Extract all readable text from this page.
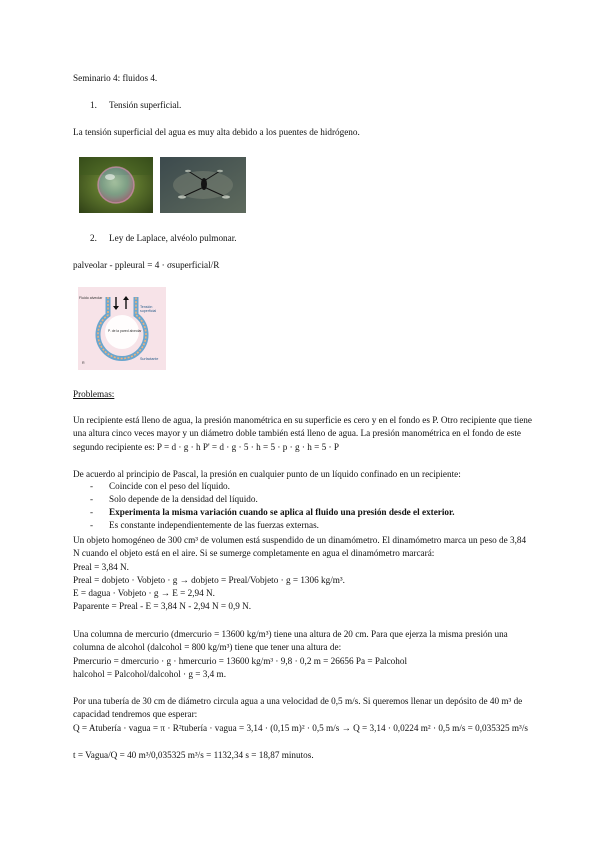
Seminario 4: fluidos 4.
1. Tensión superficial.
La tensión superficial del agua es muy alta debido a los puentes de hidrógeno.
2. Ley de Laplace, alvéolo pulmonar.
palveolar - ppleural = 4 · σsuperficial/R
Fluido alveolar
Tensión superficial
P. de la pared alveolar
Surfactante
R
Problemas:
Un recipiente está lleno de agua, la presión manométrica en su superficie es cero y en el fondo es P. Otro recipiente que tiene una altura cinco veces mayor y un diámetro doble también está lleno de agua. La presión manométrica en el fondo de este segundo recipiente es: P = d · g · h P' = d · g · 5 · h = 5 · p · g · h = 5 · P
De acuerdo al principio de Pascal, la presión en cualquier punto de un líquido confinado en un recipiente:
- Coincide con el peso del líquido.
- Solo depende de la densidad del líquido.
- Experimenta la misma variación cuando se aplica al fluido una presión desde el exterior.
- Es constante independientemente de las fuerzas externas.
Un objeto homogéneo de 300 cm³ de volumen está suspendido de un dinamómetro. El dinamómetro marca un peso de 3,84 N cuando el objeto está en el aire. Si se sumerge completamente en agua el dinamómetro marcará:
Preal = 3,84 N.
Preal = dobjeto · Vobjeto · g → dobjeto = Preal/Vobjeto · g = 1306 kg/m³.
E = dagua · Vobjeto · g → E = 2,94 N.
Paparente = Preal - E = 3,84 N - 2,94 N = 0,9 N.
Una columna de mercurio (dmercurio = 13600 kg/m³) tiene una altura de 20 cm. Para que ejerza la misma presión una columna de alcohol (dalcohol = 800 kg/m³) tiene que tener una altura de:
Pmercurio = dmercurio · g · hmercurio = 13600 kg/m³ · 9,8 · 0,2 m = 26656 Pa = Palcohol
halcohol = Palcohol/dalcohol · g = 3,4 m.
Por una tubería de 30 cm de diámetro circula agua a una velocidad de 0,5 m/s. Si queremos llenar un depósito de 40 m³ de capacidad tendremos que esperar:
Q = Atubería · vagua = π · R²tubería · vagua = 3,14 · (0,15 m)² · 0,5 m/s → Q = 3,14 · 0,0224 m² · 0,5 m/s = 0,035325 m³/s
t = Vagua/Q = 40 m³/0,035325 m³/s = 1132,34 s = 18,87 minutos.
